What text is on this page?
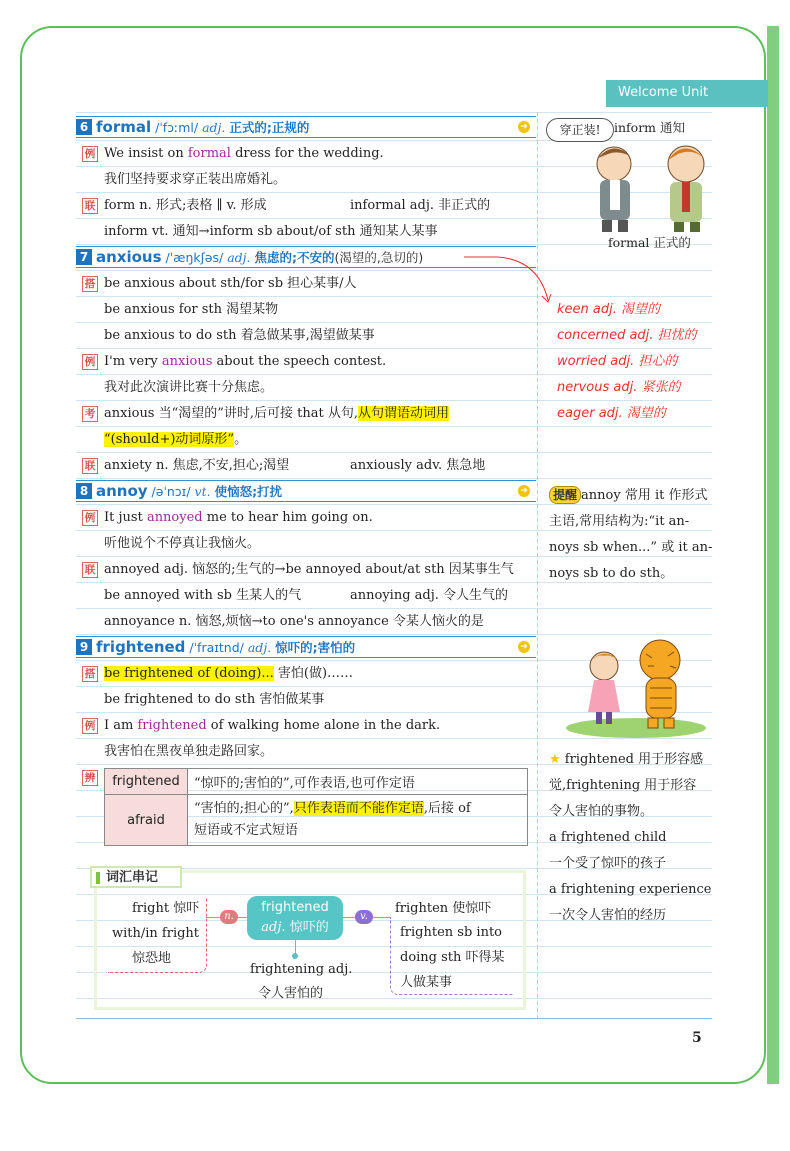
Welcome Unit
6 formal /ˈfɔːml/ adj. 正式的;正规的	➜
例 We insist on formal dress for the wedding.
我们坚持要求穿正装出席婚礼。
联 form n. 形式;表格 ∥ v. 形成	informal adj. 非正式的
inform vt. 通知→inform sb about/of sth 通知某人某事
7 anxious /ˈæŋkʃəs/ adj. 焦虑的;不安的(渴望的,急切的)
搭 be anxious about sth/for sb 担心某事/人
be anxious for sth 渴望某物
be anxious to do sth 着急做某事,渴望做某事
例 I'm very anxious about the speech contest.
我对此次演讲比赛十分焦虑。
考 anxious 当“渴望的”讲时,后可接 that 从句,从句谓语动词用
“(should+)动词原形”。
联 anxiety n. 焦虑,不安,担心;渴望	anxiously adv. 焦急地
8 annoy /əˈnɔɪ/ vt. 使恼怒;打扰	➜
例 It just annoyed me to hear him going on.
听他说个不停真让我恼火。
联 annoyed adj. 恼怒的;生气的→be annoyed about/at sth 因某事生气
be annoyed with sb 生某人的气	annoying adj. 令人生气的
annoyance n. 恼怒,烦恼→to one's annoyance 令某人恼火的是
9 frightened /ˈfraɪtnd/ adj. 惊吓的;害怕的	➜
搭 be frightened of (doing)... 害怕(做)……
be frightened to do sth 害怕做某事
例 I am frightened of walking home alone in the dark.
我害怕在黑夜单独走路回家。
辨 frightened	“惊吓的;害怕的”,可作表语,也可作定语
afraid	“害怕的;担心的”,只作表语而不能作定语,后接 of
短语或不定式短语
词汇串记
fright 惊吓
with/in fright
惊恐地
n.
frightened
adj. 惊吓的
v.
frightening adj.
令人害怕的
frighten 使惊吓
frighten sb into
doing sth 吓得某
人做某事
穿正装!	inform 通知
formal 正式的
keen adj. 渴望的
concerned adj. 担忧的
worried adj. 担心的
nervous adj. 紧张的
eager adj. 渴望的
提醒 annoy 常用 it 作形式
主语,常用结构为:“it an-
noys sb when...” 或 it an-
noys sb to do sth。
★ frightened 用于形容感
觉,frightening 用于形容
令人害怕的事物。
a frightened child
一个受了惊吓的孩子
a frightening experience
一次令人害怕的经历
5
